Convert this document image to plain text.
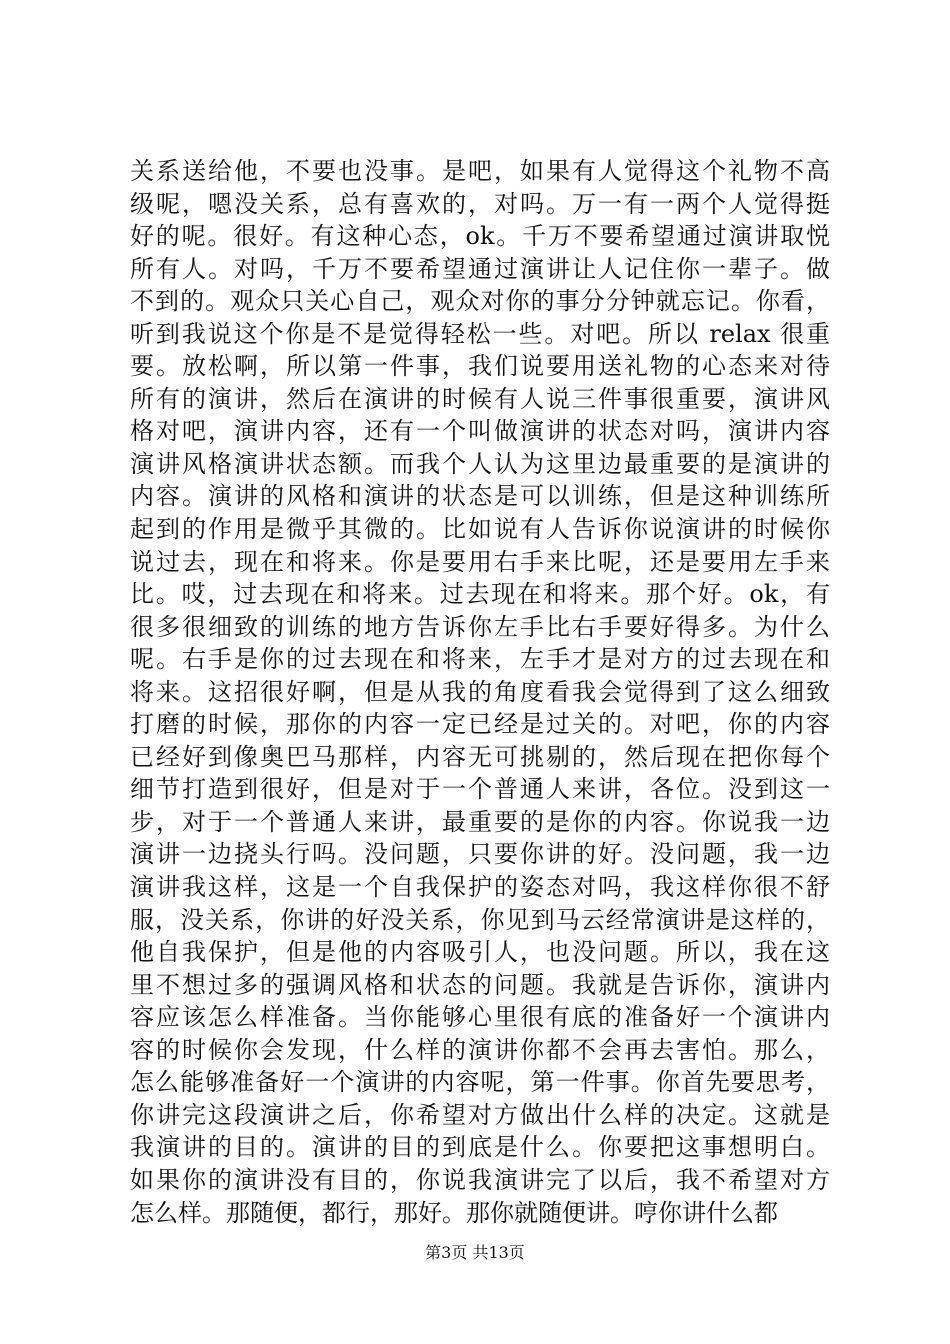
关系送给他，不要也没事。是吧，如果有人觉得这个礼物不高
级呢，嗯没关系，总有喜欢的，对吗。万一有一两个人觉得挺
好的呢。很好。有这种心态，ok。千万不要希望通过演讲取悦
所有人。对吗，千万不要希望通过演讲让人记住你一辈子。做
不到的。观众只关心自己，观众对你的事分分钟就忘记。你看，
听到我说这个你是不是觉得轻松一些。对吧。所以 relax 很重
要。放松啊，所以第一件事，我们说要用送礼物的心态来对待
所有的演讲，然后在演讲的时候有人说三件事很重要，演讲风
格对吧，演讲内容，还有一个叫做演讲的状态对吗，演讲内容
演讲风格演讲状态额。而我个人认为这里边最重要的是演讲的
内容。演讲的风格和演讲的状态是可以训练，但是这种训练所
起到的作用是微乎其微的。比如说有人告诉你说演讲的时候你
说过去，现在和将来。你是要用右手来比呢，还是要用左手来
比。哎，过去现在和将来。过去现在和将来。那个好。ok，有
很多很细致的训练的地方告诉你左手比右手要好得多。为什么
呢。右手是你的过去现在和将来，左手才是对方的过去现在和
将来。这招很好啊，但是从我的角度看我会觉得到了这么细致
打磨的时候，那你的内容一定已经是过关的。对吧，你的内容
已经好到像奥巴马那样，内容无可挑剔的，然后现在把你每个
细节打造到很好，但是对于一个普通人来讲，各位。没到这一
步，对于一个普通人来讲，最重要的是你的内容。你说我一边
演讲一边挠头行吗。没问题，只要你讲的好。没问题，我一边
演讲我这样，这是一个自我保护的姿态对吗，我这样你很不舒
服，没关系，你讲的好没关系，你见到马云经常演讲是这样的，
他自我保护，但是他的内容吸引人，也没问题。所以，我在这
里不想过多的强调风格和状态的问题。我就是告诉你，演讲内
容应该怎么样准备。当你能够心里很有底的准备好一个演讲内
容的时候你会发现，什么样的演讲你都不会再去害怕。那么，
怎么能够准备好一个演讲的内容呢，第一件事。你首先要思考，
你讲完这段演讲之后，你希望对方做出什么样的决定。这就是
我演讲的目的。演讲的目的到底是什么。你要把这事想明白。
如果你的演讲没有目的，你说我演讲完了以后，我不希望对方
怎么样。那随便，都行，那好。那你就随便讲。哼你讲什么都
第3页 共13页
